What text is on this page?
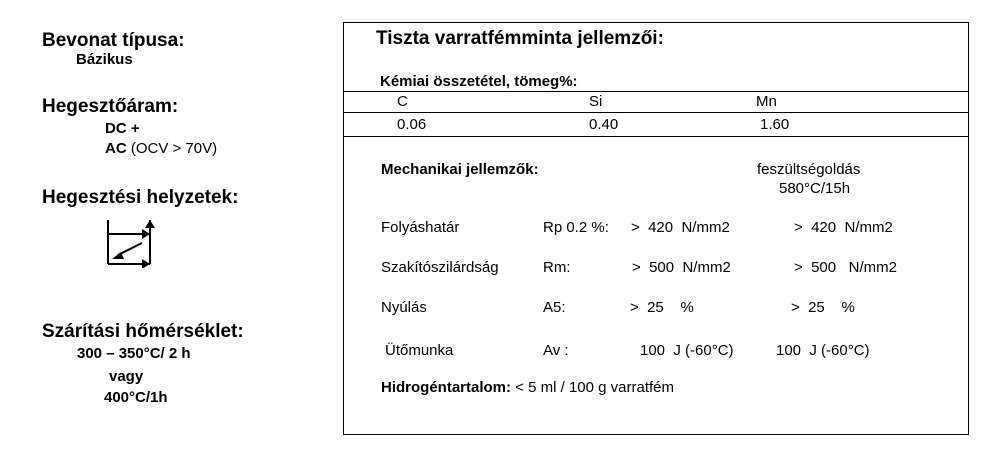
Bevonat típusa:
Bázikus
Hegesztőáram:
DC +
AC (OCV > 70V)
Hegesztési helyzetek:
Szárítási hőmérséklet:
300 – 350°C/ 2 h
vagy
400°C/1h
Tiszta varratfémminta jellemzői:
Kémiai összetétel, tömeg%:
C	Si	Mn
0.06	0.40	1.60
Mechanikai jellemzők:	feszültségoldás
580°C/15h
Folyáshatár	Rp 0.2 %: >  420  N/mm2	>  420  N/mm2
Szakítószilárdság	Rm:	>  500  N/mm2	>  500   N/mm2
Nyúlás	A5:	>  25    %	>  25    %
Ütőmunka	Av :	100  J (-60°C)	100  J (-60°C)
Hidrogéntartalom: < 5 ml / 100 g varratfém
